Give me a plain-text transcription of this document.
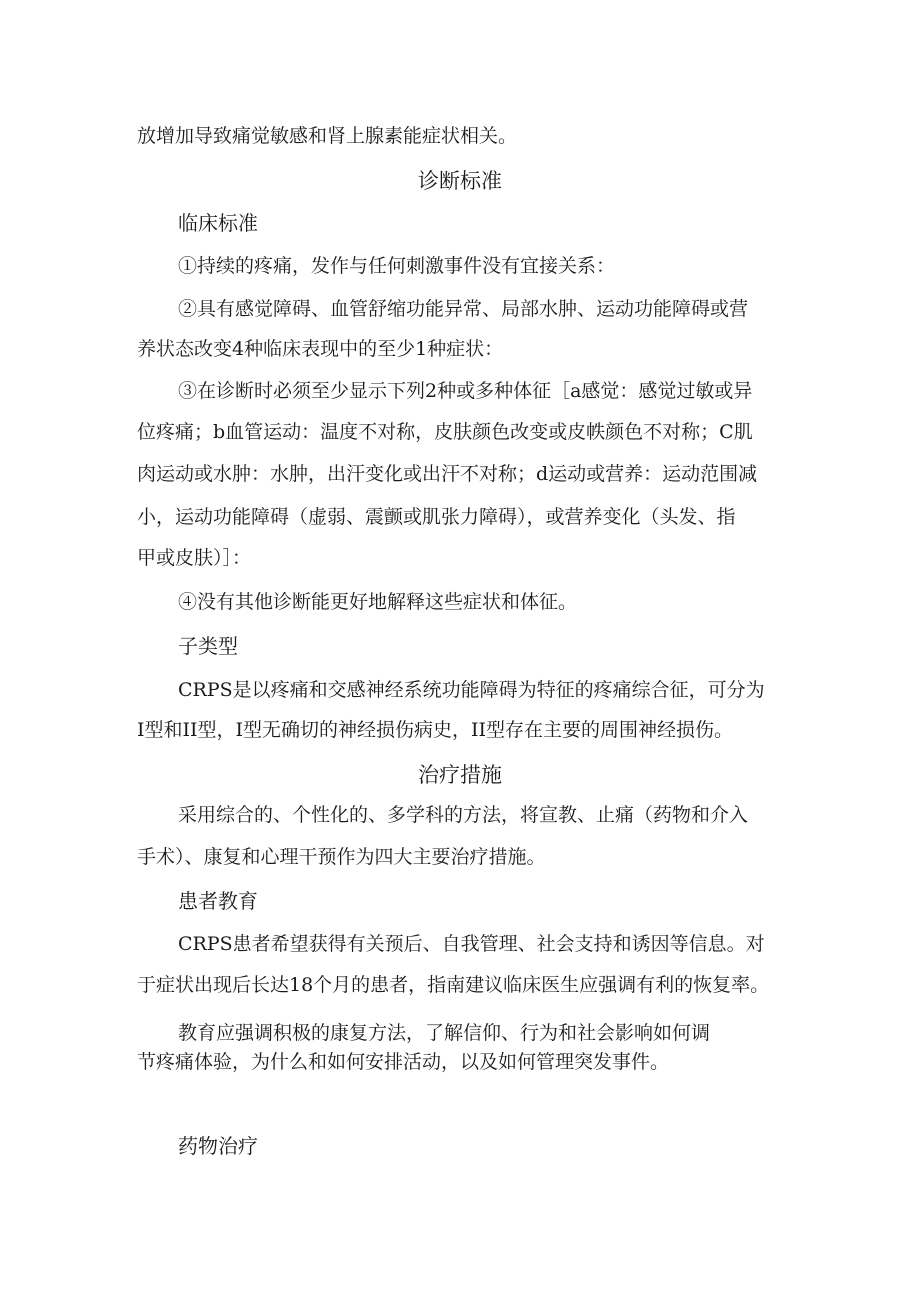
放增加导致痛觉敏感和肾上腺素能症状相关。
诊断标准
临床标准
①持续的疼痛，发作与任何刺激事件没有宜接关系：
②具有感觉障碍、血管舒缩功能异常、局部水肿、运动功能障碍或营
养状态改变4种临床表现中的至少1种症状：
③在诊断时必须至少显示下列2种或多种体征［a感觉：感觉过敏或异
位疼痛；b血管运动：温度不对称，皮肤颜色改变或皮帙颜色不对称；C肌
肉运动或水肿：水肿，出汗变化或出汗不对称；d运动或营养：运动范围减
小，运动功能障碍（虚弱、震颤或肌张力障碍），或营养变化（头发、指
甲或皮肤）］：
④没有其他诊断能更好地解释这些症状和体征。
子类型
CRPS是以疼痛和交感神经系统功能障碍为特征的疼痛综合征，可分为
I型和II型，I型无确切的神经损伤病史，II型存在主要的周围神经损伤。
治疗措施
采用综合的、个性化的、多学科的方法，将宣教、止痛（药物和介入
手术）、康复和心理干预作为四大主要治疗措施。
患者教育
CRPS患者希望获得有关预后、自我管理、社会支持和诱因等信息。对
于症状出现后长达18个月的患者，指南建议临床医生应强调有利的恢复率。
教育应强调积极的康复方法，了解信仰、行为和社会影响如何调
节疼痛体验，为什么和如何安排活动，以及如何管理突发事件。
药物治疗
